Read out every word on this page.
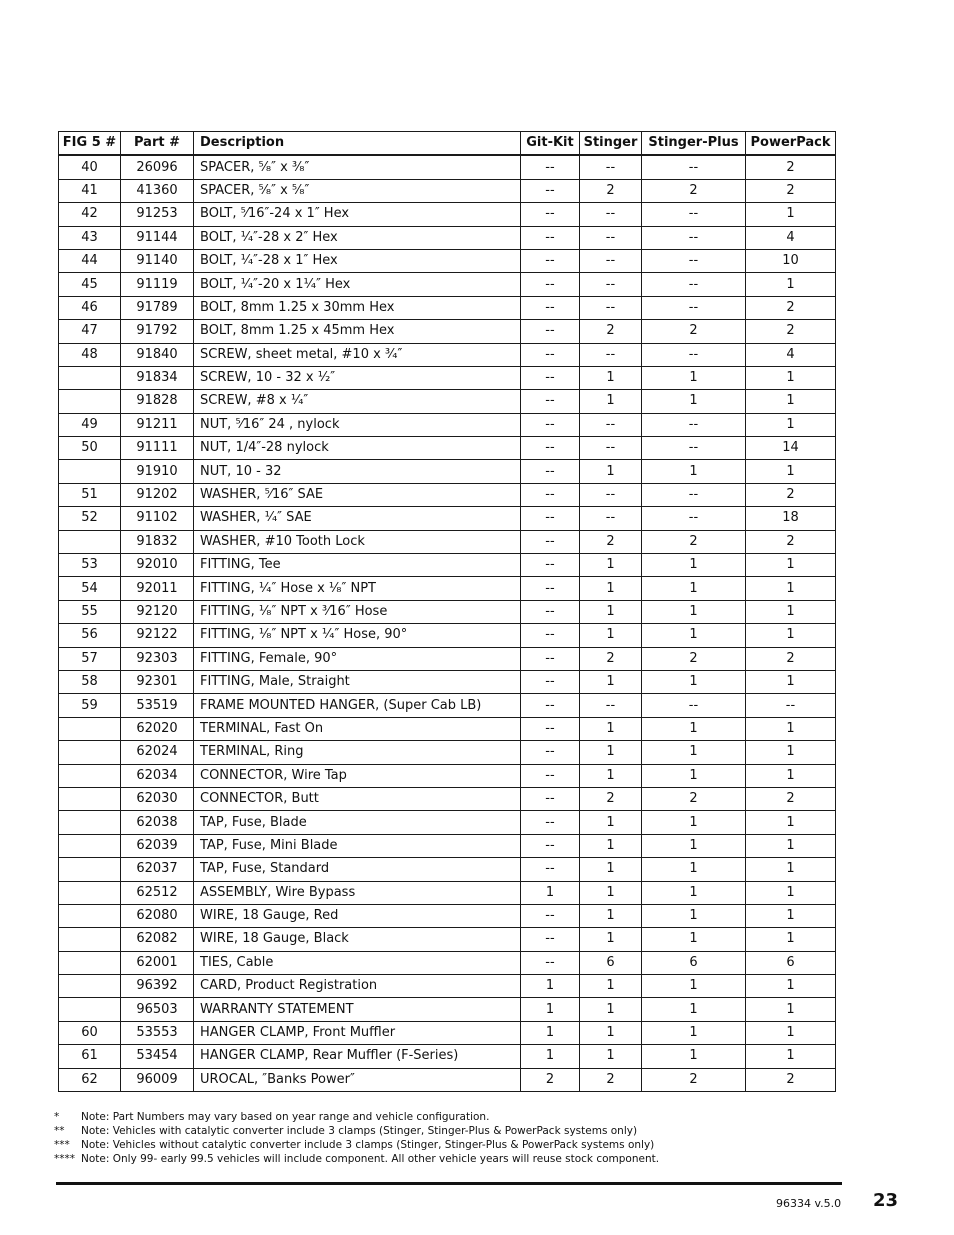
FIG 5 #	Part #	Description	Git-Kit	Stinger	Stinger-Plus	PowerPack
40	26096	SPACER, ⁵⁄₈″ x ³⁄₈″	--	--	--	2
41	41360	SPACER, ⁵⁄₈″ x ⁵⁄₈″	--	2	2	2
42	91253	BOLT, ⁵⁄16″-24 x 1″ Hex	--	--	--	1
43	91144	BOLT, ¹⁄₄″-28 x 2″ Hex	--	--	--	4
44	91140	BOLT, ¹⁄₄″-28 x 1″ Hex	--	--	--	10
45	91119	BOLT, ¹⁄₄″-20 x 1¹⁄₄″ Hex	--	--	--	1
46	91789	BOLT, 8mm 1.25 x 30mm Hex	--	--	--	2
47	91792	BOLT, 8mm 1.25 x 45mm Hex	--	2	2	2
48	91840	SCREW, sheet metal, #10 x ³⁄₄″	--	--	--	4
	91834	SCREW, 10 - 32 x ¹⁄₂″	--	1	1	1
	91828	SCREW, #8 x ¹⁄₄″	--	1	1	1
49	91211	NUT, ⁵⁄16″ 24 , nylock	--	--	--	1
50	91111	NUT, 1/4″-28 nylock	--	--	--	14
	91910	NUT, 10 - 32	--	1	1	1
51	91202	WASHER, ⁵⁄16″ SAE	--	--	--	2
52	91102	WASHER, ¹⁄₄″ SAE	--	--	--	18
	91832	WASHER, #10 Tooth Lock	--	2	2	2
53	92010	FITTING, Tee	--	1	1	1
54	92011	FITTING, ¹⁄₄″ Hose x ¹⁄₈″ NPT	--	1	1	1
55	92120	FITTING, ¹⁄₈″ NPT x ³⁄16″ Hose	--	1	1	1
56	92122	FITTING, ¹⁄₈″ NPT x ¹⁄₄″ Hose, 90°	--	1	1	1
57	92303	FITTING, Female, 90°	--	2	2	2
58	92301	FITTING, Male, Straight	--	1	1	1
59	53519	FRAME MOUNTED HANGER, (Super Cab LB)	--	--	--	--
	62020	TERMINAL, Fast On	--	1	1	1
	62024	TERMINAL, Ring	--	1	1	1
	62034	CONNECTOR, Wire Tap	--	1	1	1
	62030	CONNECTOR, Butt	--	2	2	2
	62038	TAP, Fuse, Blade	--	1	1	1
	62039	TAP, Fuse, Mini Blade	--	1	1	1
	62037	TAP, Fuse, Standard	--	1	1	1
	62512	ASSEMBLY, Wire Bypass	1	1	1	1
	62080	WIRE, 18 Gauge, Red	--	1	1	1
	62082	WIRE, 18 Gauge, Black	--	1	1	1
	62001	TIES, Cable	--	6	6	6
	96392	CARD, Product Registration	1	1	1	1
	96503	WARRANTY STATEMENT	1	1	1	1
60	53553	HANGER CLAMP, Front Muffler	1	1	1	1
61	53454	HANGER CLAMP, Rear Muffler (F-Series)	1	1	1	1
62	96009	UROCAL, ″Banks Power″	2	2	2	2
*	Note: Part Numbers may vary based on year range and vehicle configuration.
**	Note: Vehicles with catalytic converter include 3 clamps (Stinger, Stinger-Plus & PowerPack systems only)
***	Note: Vehicles without catalytic converter include 3 clamps (Stinger, Stinger-Plus & PowerPack systems only)
**** Note: Only 99- early 99.5 vehicles will include component. All other vehicle years will reuse stock component.
96334 v.5.0 23
